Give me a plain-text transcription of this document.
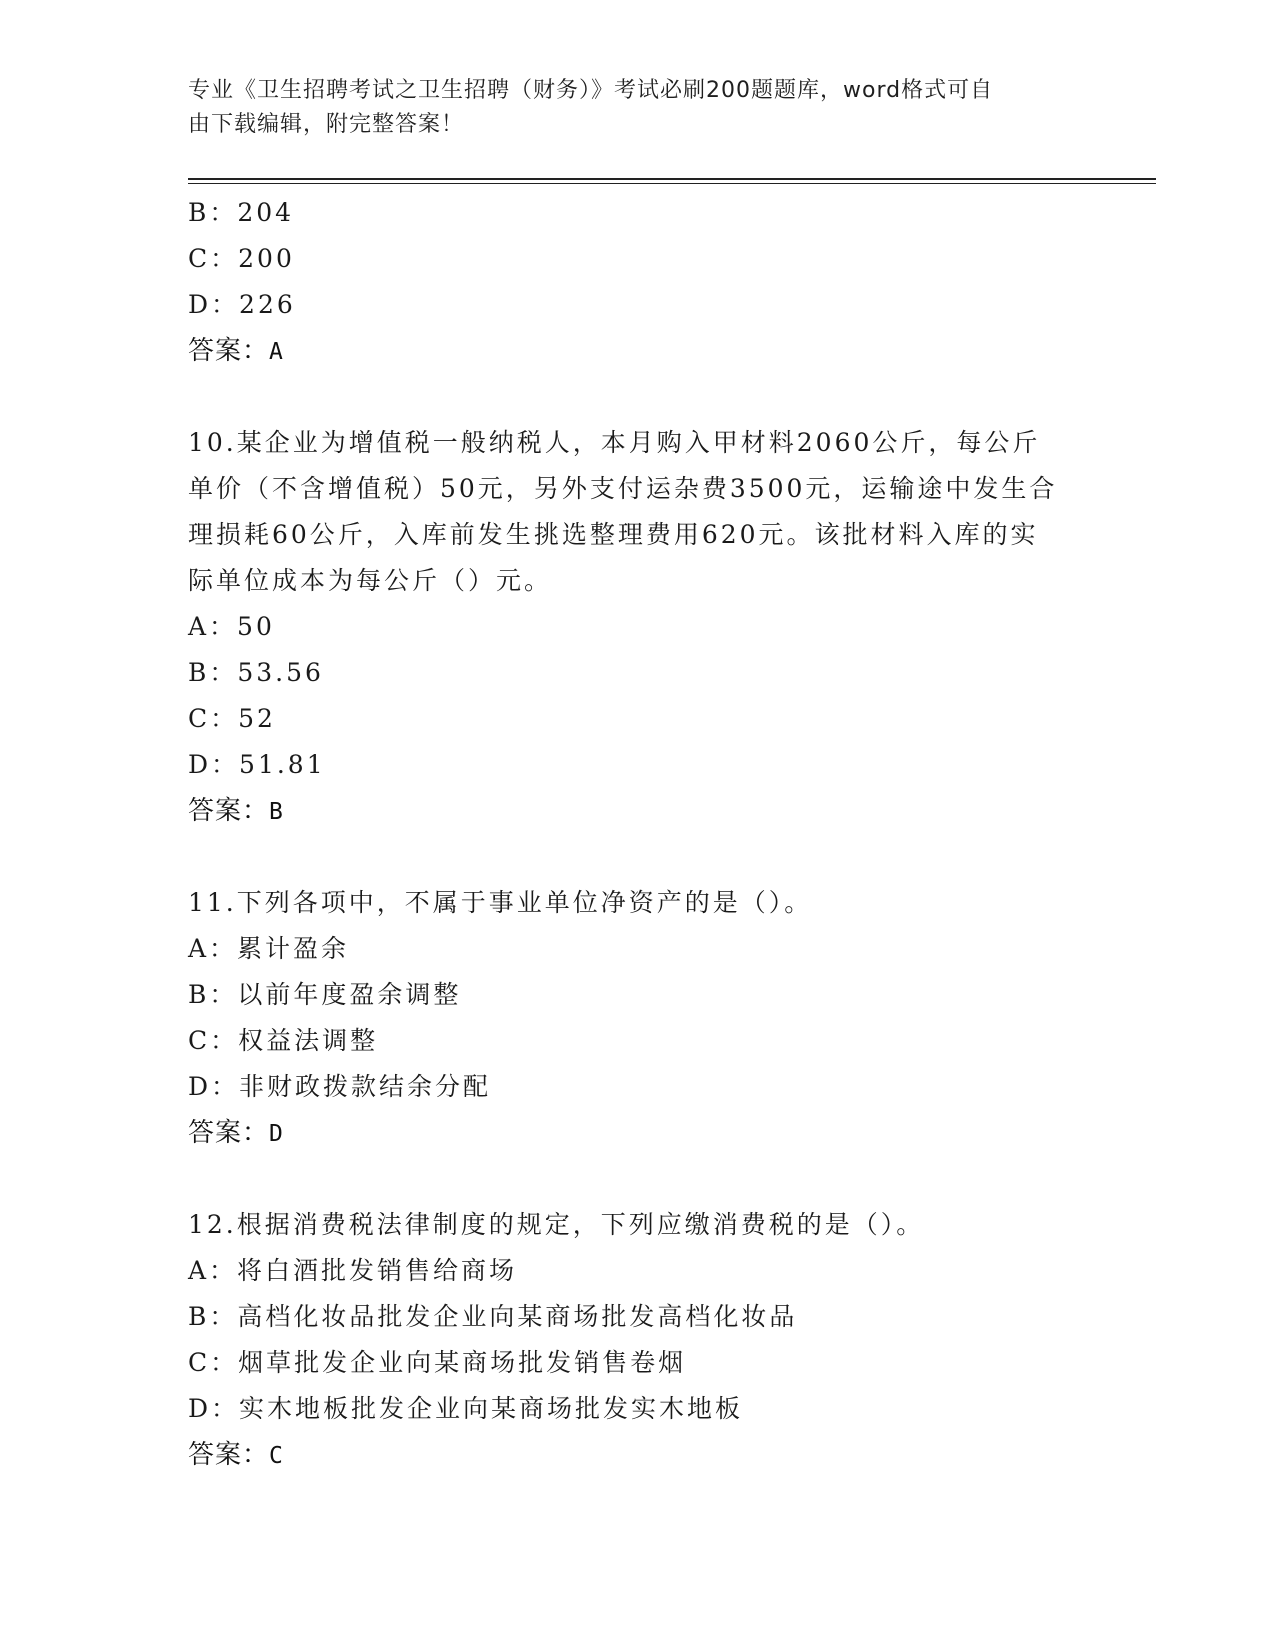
专业《卫生招聘考试之卫生招聘（财务）》考试必刷200题题库，word格式可自
由下载编辑，附完整答案！
B：204
C：200
D：226
答案：A
10.某企业为增值税一般纳税人，本月购入甲材料2060公斤，每公斤
单价（不含增值税）50元，另外支付运杂费3500元，运输途中发生合
理损耗60公斤，入库前发生挑选整理费用620元。该批材料入库的实
际单位成本为每公斤（）元。
A：50
B：53.56
C：52
D：51.81
答案：B
11.下列各项中，不属于事业单位净资产的是（）。
A：累计盈余
B：以前年度盈余调整
C：权益法调整
D：非财政拨款结余分配
答案：D
12.根据消费税法律制度的规定，下列应缴消费税的是（）。
A：将白酒批发销售给商场
B：高档化妆品批发企业向某商场批发高档化妆品
C：烟草批发企业向某商场批发销售卷烟
D：实木地板批发企业向某商场批发实木地板
答案：C
